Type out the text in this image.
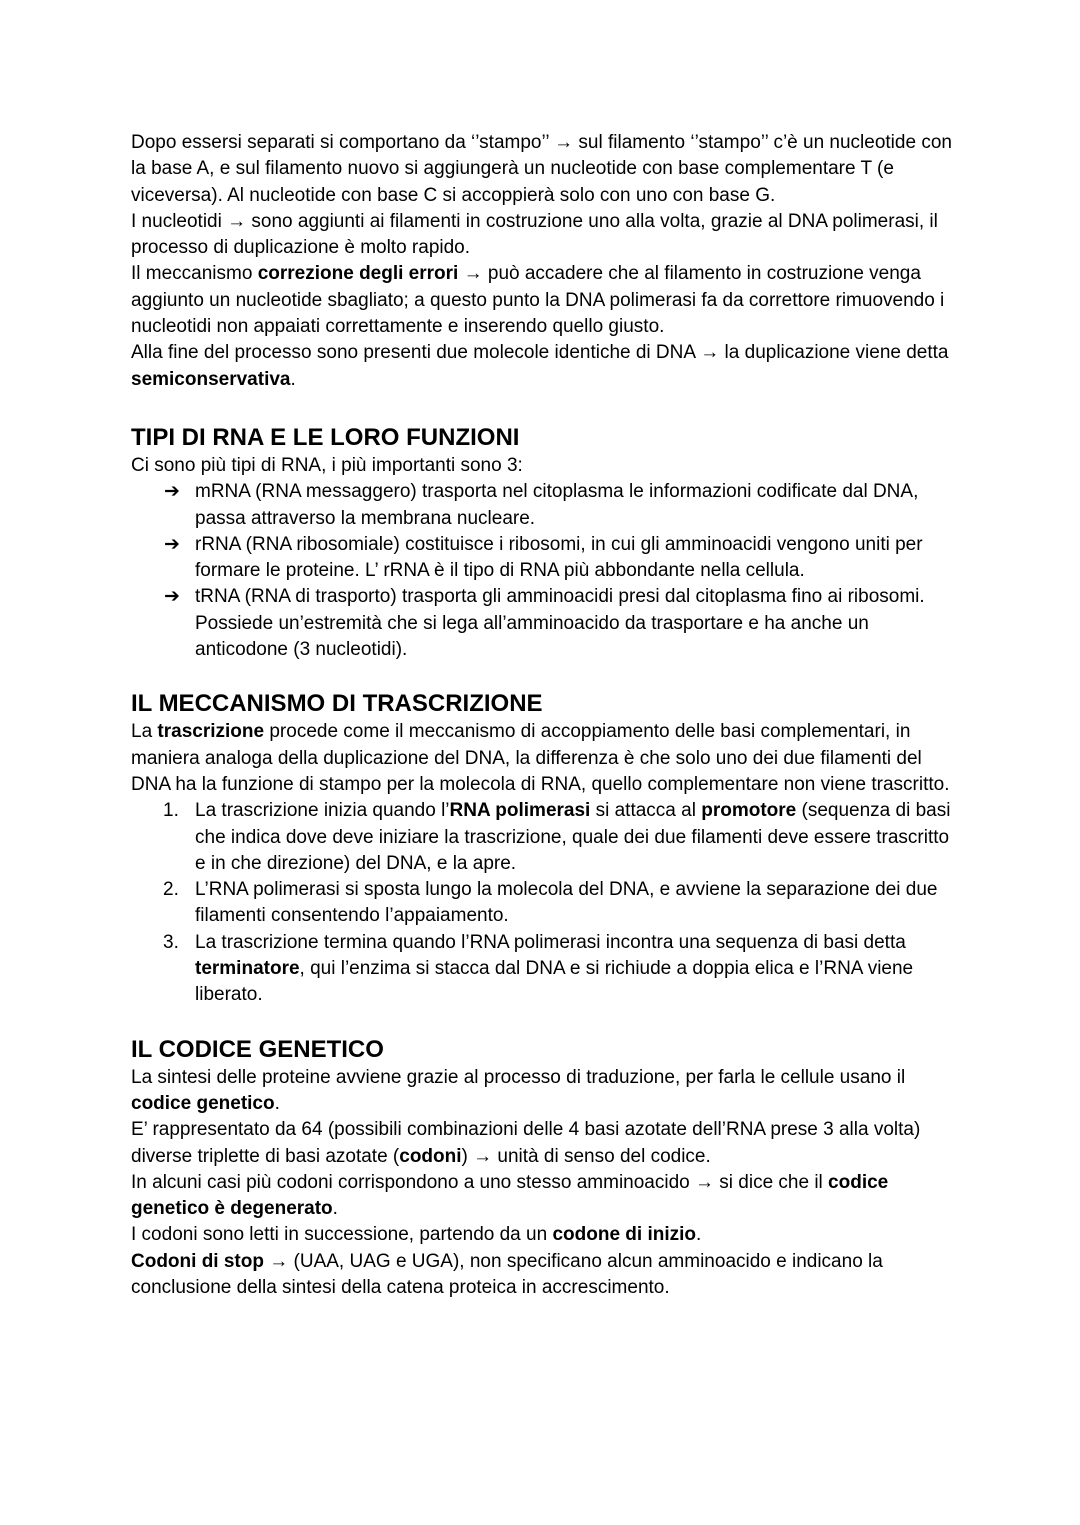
Dopo essersi separati si comportano da ‘’stampo’’ → sul filamento ‘’stampo’’ c’è un nucleotide con la base A, e sul filamento nuovo si aggiungerà un nucleotide con base complementare T (e viceversa). Al nucleotide con base C si accoppierà solo con uno con base G.

I nucleotidi → sono aggiunti ai filamenti in costruzione uno alla volta, grazie al DNA polimerasi, il processo di duplicazione è molto rapido.

Il meccanismo correzione degli errori → può accadere che al filamento in costruzione venga aggiunto un nucleotide sbagliato; a questo punto la DNA polimerasi fa da correttore rimuovendo i nucleotidi non appaiati correttamente e inserendo quello giusto.

Alla fine del processo sono presenti due molecole identiche di DNA → la duplicazione viene detta semiconservativa.

TIPI DI RNA E LE LORO FUNZIONI

Ci sono più tipi di RNA, i più importanti sono 3:

➔ mRNA (RNA messaggero) trasporta nel citoplasma le informazioni codificate dal DNA, passa attraverso la membrana nucleare.
➔ rRNA (RNA ribosomiale) costituisce i ribosomi, in cui gli amminoacidi vengono uniti per formare le proteine. L’ rRNA è il tipo di RNA più abbondante nella cellula.
➔ tRNA (RNA di trasporto) trasporta gli amminoacidi presi dal citoplasma fino ai ribosomi. Possiede un’estremità che si lega all’amminoacido da trasportare e ha anche un anticodone (3 nucleotidi).
IL MECCANISMO DI TRASCRIZIONE

La trascrizione procede come il meccanismo di accoppiamento delle basi complementari, in maniera analoga della duplicazione del DNA, la differenza è che solo uno dei due filamenti del DNA ha la funzione di stampo per la molecola di RNA, quello complementare non viene trascritto.

1. La trascrizione inizia quando l’RNA polimerasi si attacca al promotore (sequenza di basi che indica dove deve iniziare la trascrizione, quale dei due filamenti deve essere trascritto e in che direzione) del DNA, e la apre.
2. L’RNA polimerasi si sposta lungo la molecola del DNA, e avviene la separazione dei due filamenti consentendo l’appaiamento.
3. La trascrizione termina quando l’RNA polimerasi incontra una sequenza di basi detta terminatore, qui l’enzima si stacca dal DNA e si richiude a doppia elica e l’RNA viene liberato.
IL CODICE GENETICO

La sintesi delle proteine avviene grazie al processo di traduzione, per farla le cellule usano il codice genetico.

E’ rappresentato da 64 (possibili combinazioni delle 4 basi azotate dell’RNA prese 3 alla volta) diverse triplette di basi azotate (codoni) → unità di senso del codice.

In alcuni casi più codoni corrispondono a uno stesso amminoacido → si dice che il codice genetico è degenerato.

I codoni sono letti in successione, partendo da un codone di inizio.

Codoni di stop → (UAA, UAG e UGA), non specificano alcun amminoacido e indicano la conclusione della sintesi della catena proteica in accrescimento.
